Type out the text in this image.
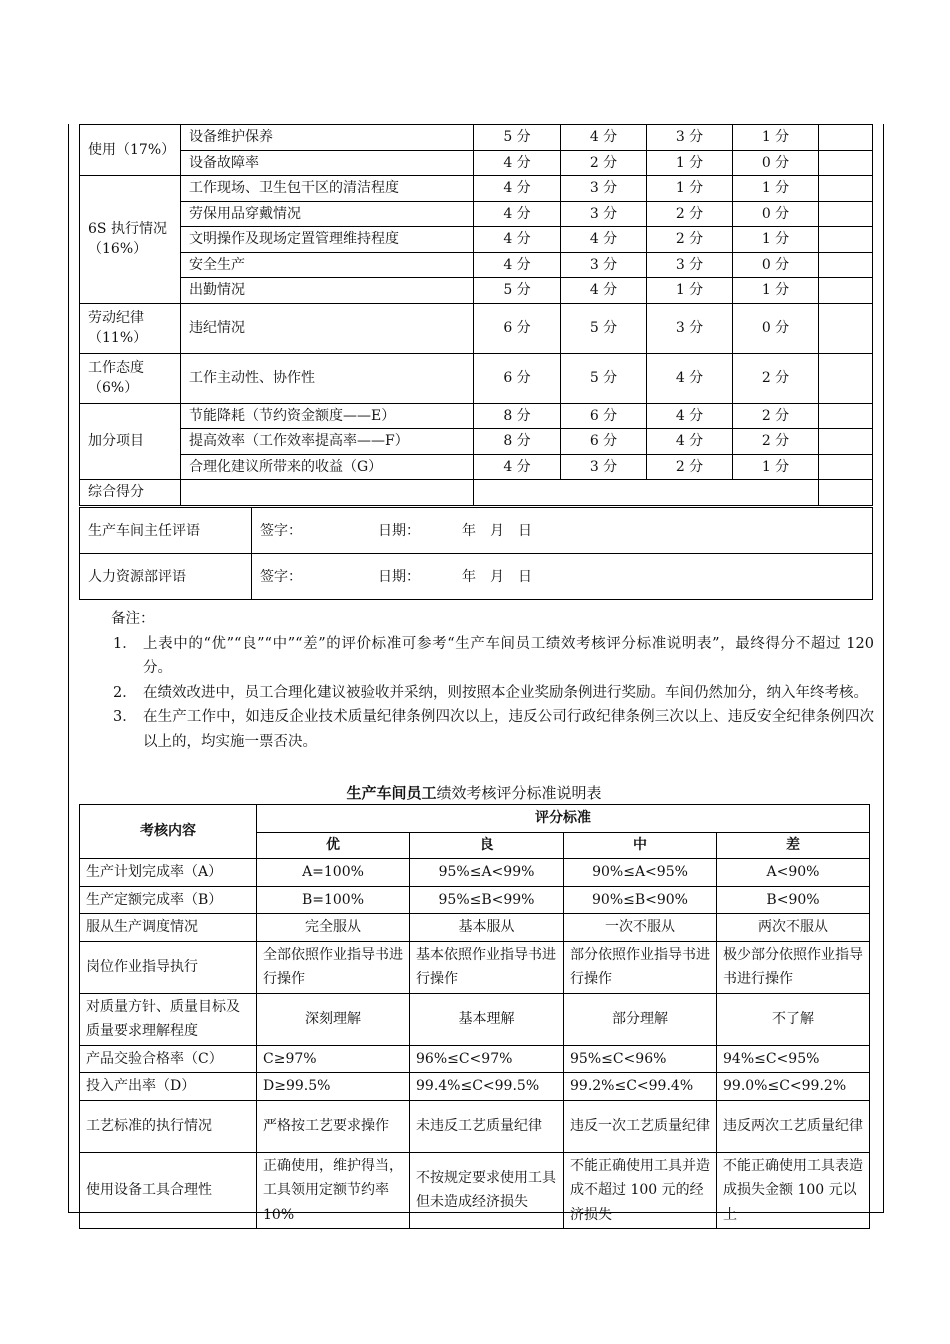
使用（17%）	设备维护保养	5 分	4 分	3 分	1 分	
	设备故障率	4 分	2 分	1 分	0 分	
6S 执行情况（16%）	工作现场、卫生包干区的清洁程度	4 分	3 分	1 分	1 分	
	劳保用品穿戴情况	4 分	3 分	2 分	0 分	
	文明操作及现场定置管理维持程度	4 分	4 分	2 分	1 分	
	安全生产	4 分	3 分	3 分	0 分	
	出勤情况	5 分	4 分	1 分	1 分	
劳动纪律（11%）	违纪情况	6 分	5 分	3 分	0 分	
工作态度（6%）	工作主动性、协作性	6 分	5 分	4 分	2 分	
加分项目	节能降耗（节约资金额度——E）	8 分	6 分	4 分	2 分	
	提高效率（工作效率提高率——F）	8 分	6 分	4 分	2 分	
	合理化建议所带来的收益（G）	4 分	3 分	2 分	1 分	
综合得分						
生产车间主任评语	签字： 日期： 年　月　日
人力资源部评语	签字： 日期： 年　月　日
备注：
1． 上表中的“优”“良”“中”“差”的评价标准可参考“生产车间员工绩效考核评分标准说明表”，最终得分不超过 120 分。
2． 在绩效改进中，员工合理化建议被验收并采纳，则按照本企业奖励条例进行奖励。车间仍然加分，纳入年终考核。
3． 在生产工作中，如违反企业技术质量纪律条例四次以上，违反公司行政纪律条例三次以上、违反安全纪律条例四次以上的，均实施一票否决。
生产车间员工绩效考核评分标准说明表
考核内容	评分标准			
	优	良	中	差
生产计划完成率（A）	A=100%	95%≤A<99%	90%≤A<95%	A<90%
生产定额完成率（B）	B=100%	95%≤B<99%	90%≤B<90%	B<90%
服从生产调度情况	完全服从	基本服从	一次不服从	两次不服从
岗位作业指导执行	全部依照作业指导书进行操作	基本依照作业指导书进行操作	部分依照作业指导书进行操作	极少部分依照作业指导书进行操作
对质量方针、质量目标及质量要求理解程度	深刻理解	基本理解	部分理解	不了解
产品交验合格率（C）	C≥97%	96%≤C<97%	95%≤C<96%	94%≤C<95%
投入产出率（D）	D≥99.5%	99.4%≤C<99.5%	99.2%≤C<99.4%	99.0%≤C<99.2%
工艺标准的执行情况	严格按工艺要求操作	未违反工艺质量纪律	违反一次工艺质量纪律	违反两次工艺质量纪律
使用设备工具合理性	正确使用，维护得当，工具领用定额节约率 10%	不按规定要求使用工具但未造成经济损失	不能正确使用工具并造成不超过 100 元的经济损失	不能正确使用工具表造成损失金额 100 元以上
